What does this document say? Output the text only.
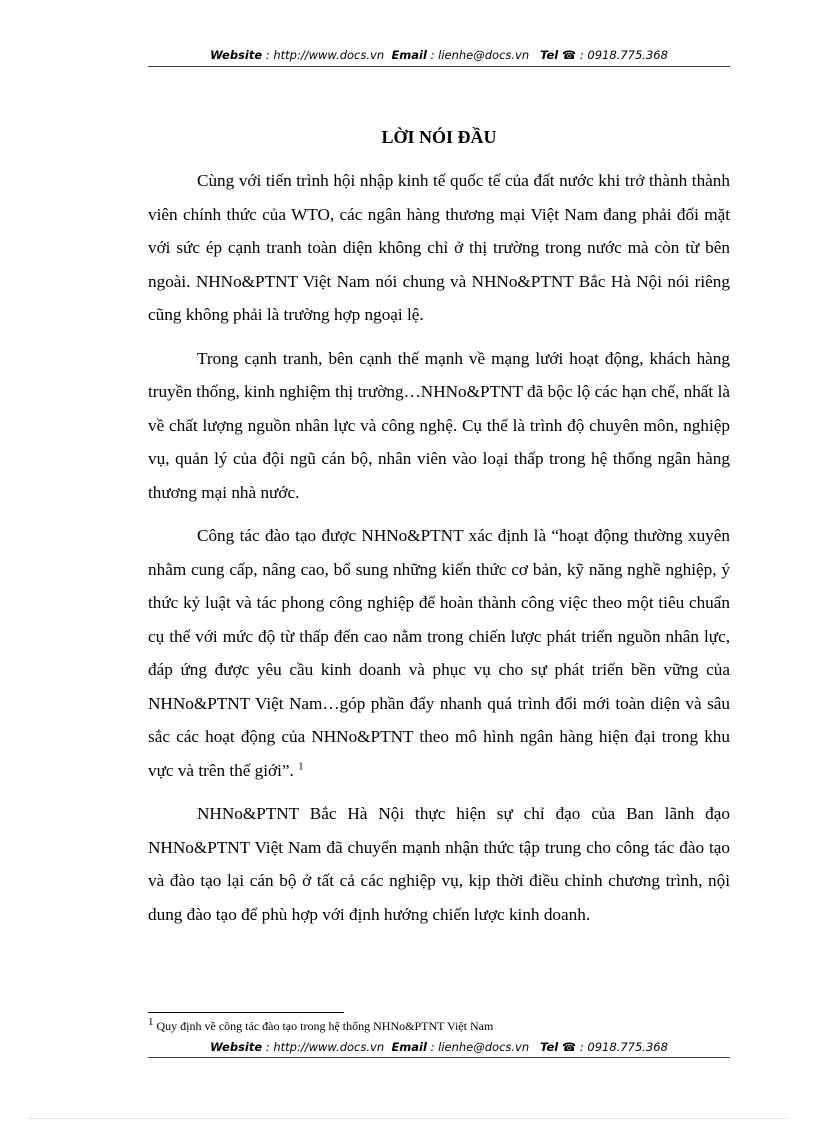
Website : http://www.docs.vn Email : lienhe@docs.vn Tel ☎ : 0918.775.368
LỜI NÓI ĐẦU

Cùng với tiến trình hội nhập kinh tế quốc tế của đất nước khi trở thành thành viên chính thức của WTO, các ngân hàng thương mại Việt Nam đang phải đối mặt với sức ép cạnh tranh toàn diện không chỉ ở thị trường trong nước mà còn từ bên ngoài. NHNo&PTNT Việt Nam nói chung và NHNo&PTNT Bắc Hà Nội nói riêng cũng không phải là trường hợp ngoại lệ.

Trong cạnh tranh, bên cạnh thế mạnh về mạng lưới hoạt động, khách hàng truyền thống, kinh nghiệm thị trường…NHNo&PTNT đã bộc lộ các hạn chế, nhất là về chất lượng nguồn nhân lực và công nghệ. Cụ thể là trình độ chuyên môn, nghiệp vụ, quản lý của đội ngũ cán bộ, nhân viên vào loại thấp trong hệ thống ngân hàng thương mại nhà nước.

Công tác đào tạo được NHNo&PTNT xác định là “hoạt động thường xuyên nhằm cung cấp, nâng cao, bổ sung những kiến thức cơ bản, kỹ năng nghề nghiệp, ý thức kỷ luật và tác phong công nghiệp để hoàn thành công việc theo một tiêu chuẩn cụ thể với mức độ từ thấp đến cao nằm trong chiến lược phát triển nguồn nhân lực, đáp ứng được yêu cầu kinh doanh và phục vụ cho sự phát triển bền vững của NHNo&PTNT Việt Nam…góp phần đẩy nhanh quá trình đổi mới toàn diện và sâu sắc các hoạt động của NHNo&PTNT theo mô hình ngân hàng hiện đại trong khu vực và trên thế giới”. $^1$

NHNo&PTNT Bắc Hà Nội thực hiện sự chỉ đạo của Ban lãnh đạo NHNo&PTNT Việt Nam đã chuyển mạnh nhận thức tập trung cho công tác đào tạo và đào tạo lại cán bộ ở tất cả các nghiệp vụ, kịp thời điều chỉnh chương trình, nội dung đào tạo để phù hợp với định hướng chiến lược kinh doanh.

$^1$ Quy định về công tác đào tạo trong hệ thống NHNo&PTNT Việt Nam
Website : http://www.docs.vn Email : lienhe@docs.vn Tel ☎ : 0918.775.368
